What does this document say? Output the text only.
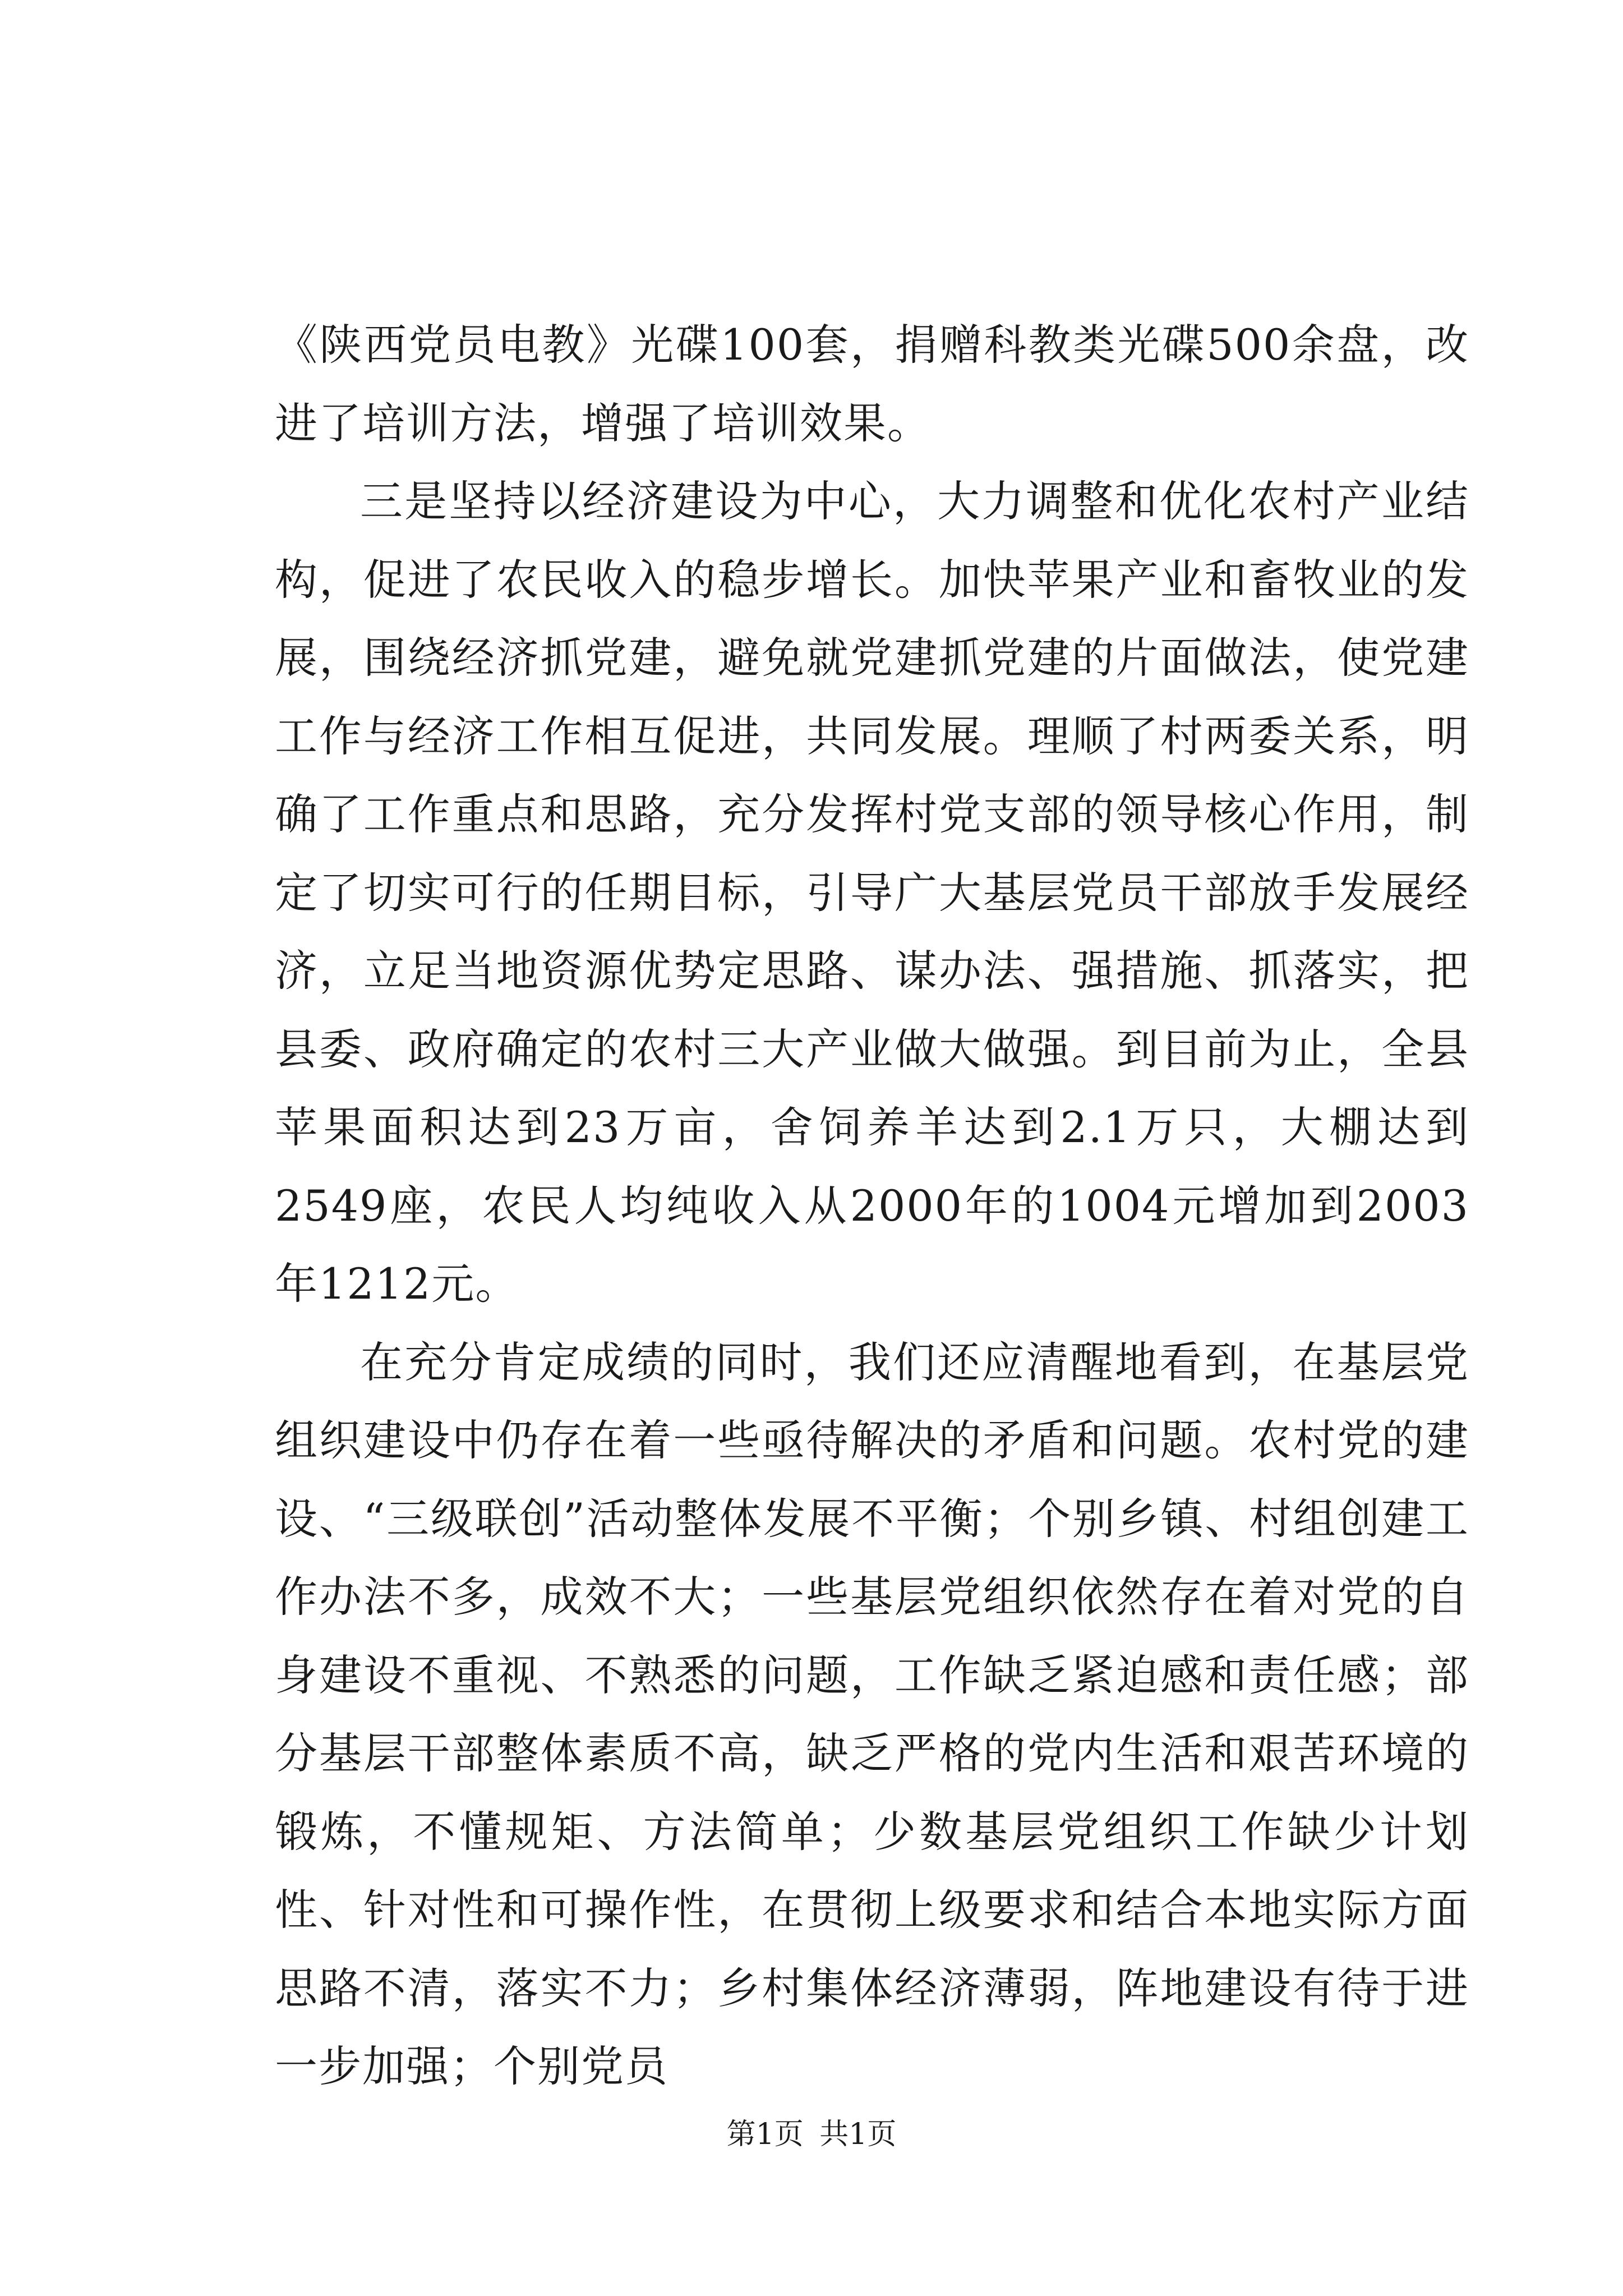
《陕西党员电教》光碟100套，捐赠科教类光碟500余盘，改进了培训方法，增强了培训效果。

三是坚持以经济建设为中心，大力调整和优化农村产业结构，促进了农民收入的稳步增长。加快苹果产业和畜牧业的发展，围绕经济抓党建，避免就党建抓党建的片面做法，使党建工作与经济工作相互促进，共同发展。理顺了村两委关系，明确了工作重点和思路，充分发挥村党支部的领导核心作用，制定了切实可行的任期目标，引导广大基层党员干部放手发展经济，立足当地资源优势定思路、谋办法、强措施、抓落实，把县委、政府确定的农村三大产业做大做强。到目前为止，全县苹果面积达到23万亩，舍饲养羊达到2.1万只，大棚达到2549座，农民人均纯收入从2000年的1004元增加到2003年1212元。

在充分肯定成绩的同时，我们还应清醒地看到，在基层党组织建设中仍存在着一些亟待解决的矛盾和问题。农村党的建设、“三级联创”活动整体发展不平衡；个别乡镇、村组创建工作办法不多，成效不大；一些基层党组织依然存在着对党的自身建设不重视、不熟悉的问题，工作缺乏紧迫感和责任感；部分基层干部整体素质不高，缺乏严格的党内生活和艰苦环境的锻炼，不懂规矩、方法简单；少数基层党组织工作缺少计划性、针对性和可操作性，在贯彻上级要求和结合本地实际方面思路不清，落实不力；乡村集体经济薄弱，阵地建设有待于进一步加强；个别党员

第1页 共1页
